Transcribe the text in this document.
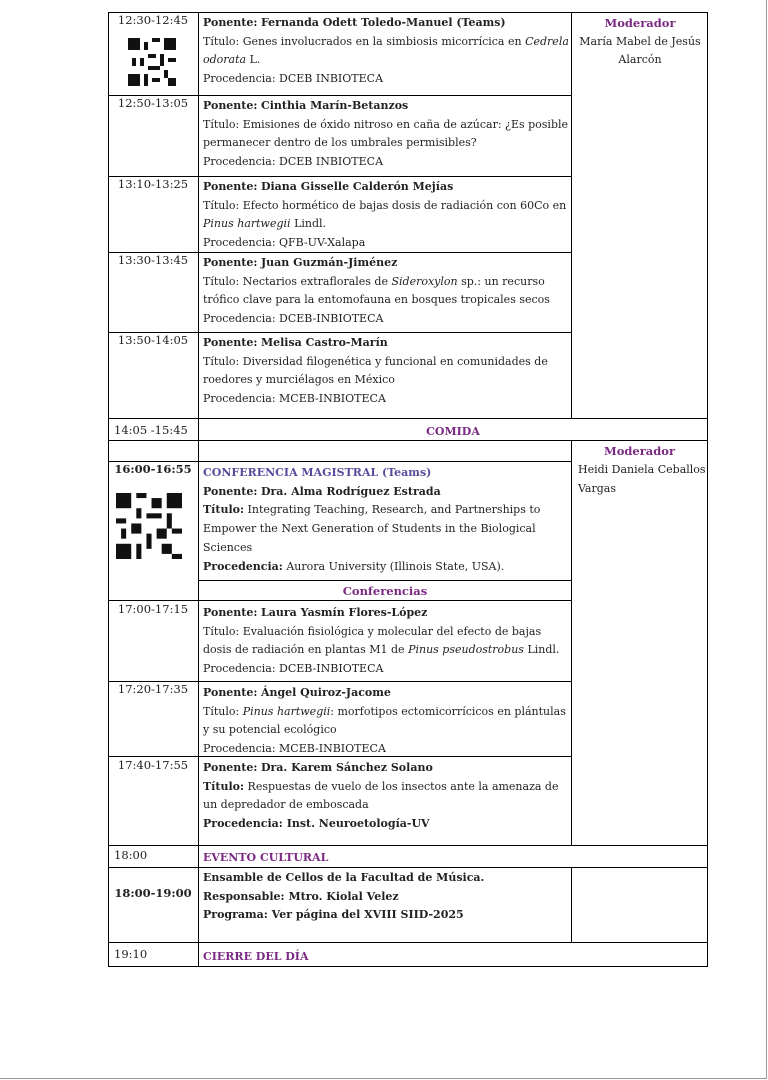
12:30-12:45	Ponente: Fernanda Odett Toledo-Manuel (Teams)
Título: Genes involucrados en la simbiosis micorrícica en Cedrela odorata L.
Procedencia: DCEB INBIOTECA
Moderador
María Mabel de Jesús Alarcón
12:50-13:05	Ponente: Cinthia Marín-Betanzos
Título: Emisiones de óxido nitroso en caña de azúcar: ¿Es posible permanecer dentro de los umbrales permisibles?
Procedencia: DCEB INBIOTECA
13:10-13:25	Ponente: Diana Gisselle Calderón Mejías
Título: Efecto hormético de bajas dosis de radiación con 60Co en Pinus hartwegii Lindl.
Procedencia: QFB-UV-Xalapa
13:30-13:45	Ponente: Juan Guzmán-Jiménez
Título: Nectarios extraflorales de Sideroxylon sp.: un recurso trófico clave para la entomofauna en bosques tropicales secos
Procedencia: DCEB-INBIOTECA
13:50-14:05	Ponente: Melisa Castro-Marín
Título: Diversidad filogenética y funcional en comunidades de roedores y murciélagos en México
Procedencia: MCEB-INBIOTECA
14:05 -15:45	COMIDA
Moderador
Heidi Daniela Ceballos Vargas
16:00-16:55	CONFERENCIA MAGISTRAL (Teams)
Ponente: Dra. Alma Rodríguez Estrada
Título: Integrating Teaching, Research, and Partnerships to Empower the Next Generation of Students in the Biological Sciences
Procedencia: Aurora University (Illinois State, USA).
Conferencias
17:00-17:15	Ponente: Laura Yasmín Flores-López
Título: Evaluación fisiológica y molecular del efecto de bajas dosis de radiación en plantas M1 de Pinus pseudostrobus Lindl.
Procedencia: DCEB-INBIOTECA
17:20-17:35	Ponente: Ángel Quiroz-Jacome
Título: Pinus hartwegii: morfotipos ectomicorrícicos en plántulas y su potencial ecológico
Procedencia: MCEB-INBIOTECA
17:40-17:55	Ponente: Dra. Karem Sánchez Solano
Título: Respuestas de vuelo de los insectos ante la amenaza de un depredador de emboscada
Procedencia: Inst. Neuroetología-UV
18:00	EVENTO CULTURAL
18:00-19:00
Ensamble de Cellos de la Facultad de Música.
Responsable: Mtro. Kiolal Velez
Programa: Ver página del XVIII SIID-2025
19:10	CIERRE DEL DÍA
